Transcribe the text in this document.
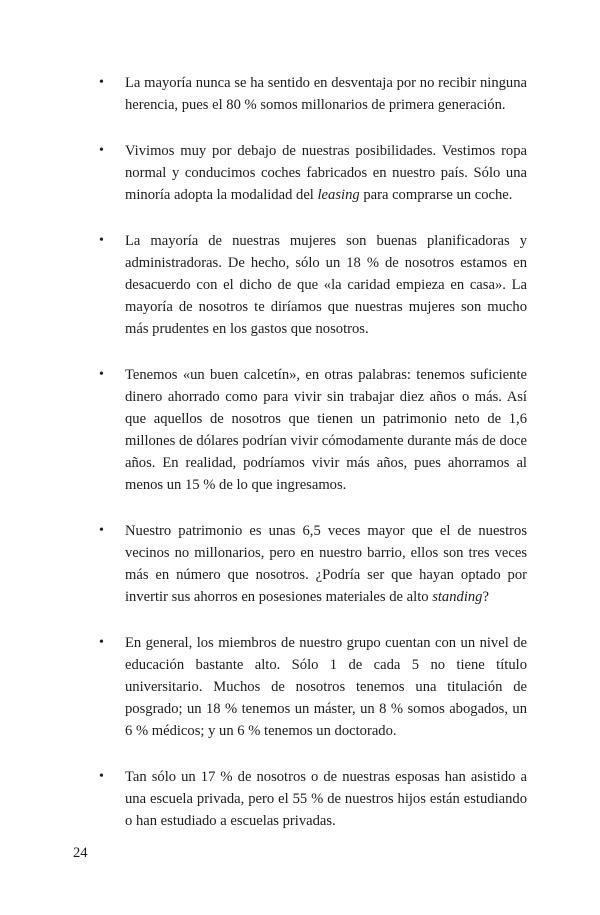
• La mayoría nunca se ha sentido en desventaja por no recibir ninguna herencia, pues el 80 % somos millonarios de primera generación.
• Vivimos muy por debajo de nuestras posibilidades. Vestimos ropa normal y conducimos coches fabricados en nuestro país. Sólo una minoría adopta la modalidad del leasing para comprarse un coche.
• La mayoría de nuestras mujeres son buenas planificadoras y administradoras. De hecho, sólo un 18 % de nosotros estamos en desacuerdo con el dicho de que «la caridad empieza en casa». La mayoría de nosotros te diríamos que nuestras mujeres son mucho más prudentes en los gastos que nosotros.
• Tenemos «un buen calcetín», en otras palabras: tenemos suficiente dinero ahorrado como para vivir sin trabajar diez años o más. Así que aquellos de nosotros que tienen un patrimonio neto de 1,6 millones de dólares podrían vivir cómodamente durante más de doce años. En realidad, podríamos vivir más años, pues ahorramos al menos un 15 % de lo que ingresamos.
• Nuestro patrimonio es unas 6,5 veces mayor que el de nuestros vecinos no millonarios, pero en nuestro barrio, ellos son tres veces más en número que nosotros. ¿Podría ser que hayan optado por invertir sus ahorros en posesiones materiales de alto standing?
• En general, los miembros de nuestro grupo cuentan con un nivel de educación bastante alto. Sólo 1 de cada 5 no tiene título universitario. Muchos de nosotros tenemos una titulación de posgrado; un 18 % tenemos un máster, un 8 % somos abogados, un 6 % médicos; y un 6 % tenemos un doctorado.
• Tan sólo un 17 % de nosotros o de nuestras esposas han asistido a una escuela privada, pero el 55 % de nuestros hijos están estudiando o han estudiado a escuelas privadas.
24
